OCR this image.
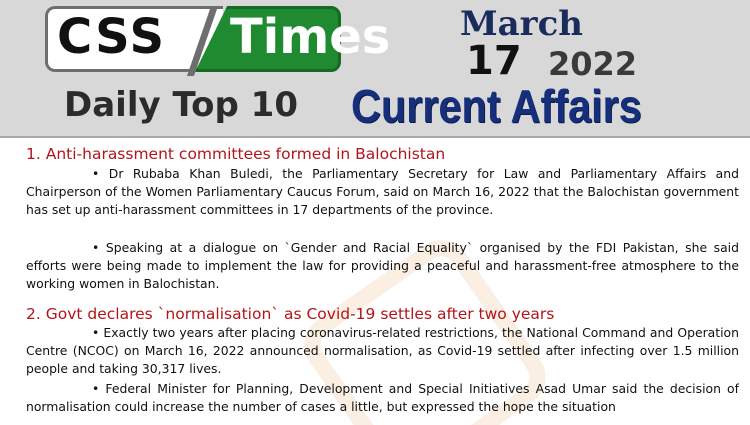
CSS Times
Daily Top 10
March
17 2022
Current Affairs
1. Anti-harassment committees formed in Balochistan

• Dr Rubaba Khan Buledi, the Parliamentary Secretary for Law and Parliamentary Affairs and Chairperson of the Women Parliamentary Caucus Forum, said on March 16, 2022 that the Balochistan government has set up anti-harassment committees in 17 departments of the province.

• Speaking at a dialogue on `Gender and Racial Equality` organised by the FDI Pakistan, she said efforts were being made to implement the law for providing a peaceful and harassment-free atmosphere to the working women in Balochistan.

2. Govt declares `normalisation` as Covid-19 settles after two years

• Exactly two years after placing coronavirus-related restrictions, the National Command and Operation Centre (NCOC) on March 16, 2022 announced normalisation, as Covid-19 settled after infecting over 1.5 million people and taking 30,317 lives.

• Federal Minister for Planning, Development and Special Initiatives Asad Umar said the decision of normalisation could increase the number of cases a little, but expressed the hope the situation
